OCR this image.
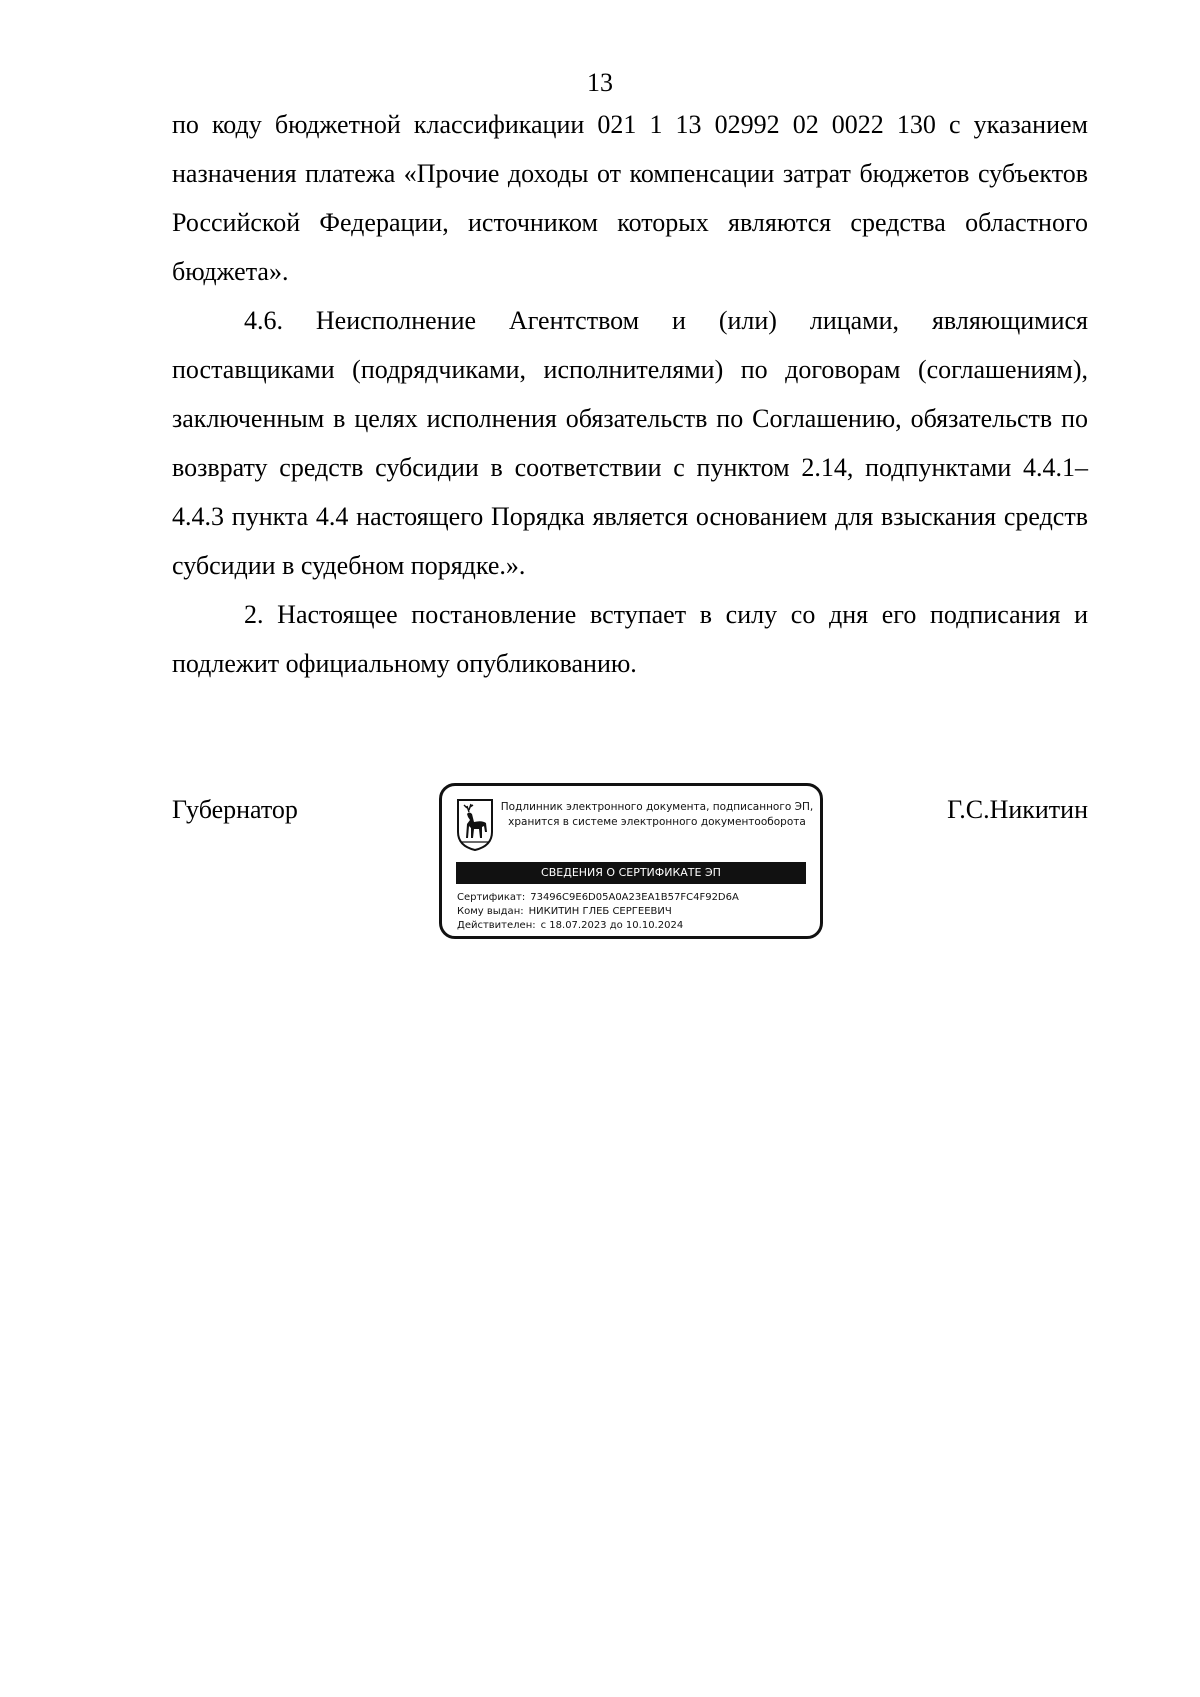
13

по коду бюджетной классификации 021 1 13 02992 02 0022 130 с указанием назначения платежа «Прочие доходы от компенсации затрат бюджетов субъектов Российской Федерации, источником которых являются средства областного бюджета».

4.6. Неисполнение Агентством и (или) лицами, являющимися поставщиками (подрядчиками, исполнителями) по договорам (соглашениям), заключенным в целях исполнения обязательств по Соглашению, обязательств по возврату средств субсидии в соответствии с пунктом 2.14, подпунктами 4.4.1–4.4.3 пункта 4.4 настоящего Порядка является основанием для взыскания средств субсидии в судебном порядке.».

2. Настоящее постановление вступает в силу со дня его подписания и подлежит официальному опубликованию.

Губернатор	Г.С.Никитин
Подлинник электронного документа, подписанного ЭП,
хранится в системе электронного документооборота
СВЕДЕНИЯ О СЕРТИФИКАТЕ ЭП
Сертификат: 73496C9E6D05A0A23EA1B57FC4F92D6A
Кому выдан: НИКИТИН ГЛЕБ СЕРГЕЕВИЧ
Действителен: с 18.07.2023 до 10.10.2024
